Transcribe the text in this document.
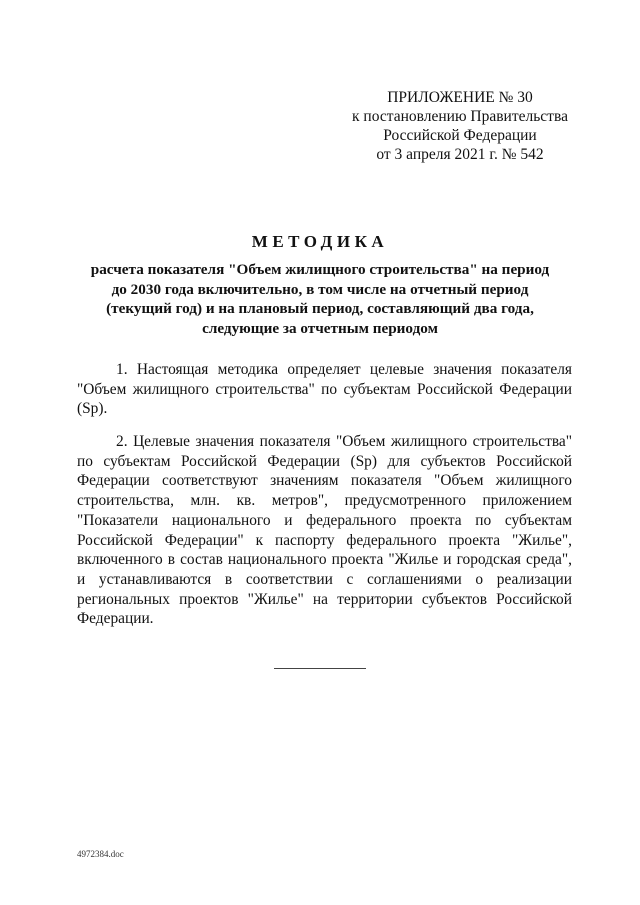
ПРИЛОЖЕНИЕ № 30
к постановлению Правительства
Российской Федерации
от 3 апреля 2021 г. № 542
МЕТОДИКА
расчета показателя "Объем жилищного строительства" на период
до 2030 года включительно, в том числе на отчетный период
(текущий год) и на плановый период, составляющий два года,
следующие за отчетным периодом
1. Настоящая методика определяет целевые значения показателя
"Объем жилищного строительства" по субъектам Российской Федерации
(Sр).
2. Целевые значения показателя "Объем жилищного строительства"
по субъектам Российской Федерации (Sр) для субъектов Российской
Федерации соответствуют значениям показателя "Объем жилищного
строительства, млн. кв. метров", предусмотренного приложением
"Показатели национального и федерального проекта по субъектам
Российской Федерации" к паспорту федерального проекта "Жилье",
включенного в состав национального проекта "Жилье и городская среда",
и устанавливаются в соответствии с соглашениями о реализации
региональных проектов "Жилье" на территории субъектов Российской
Федерации.
4972384.doc
